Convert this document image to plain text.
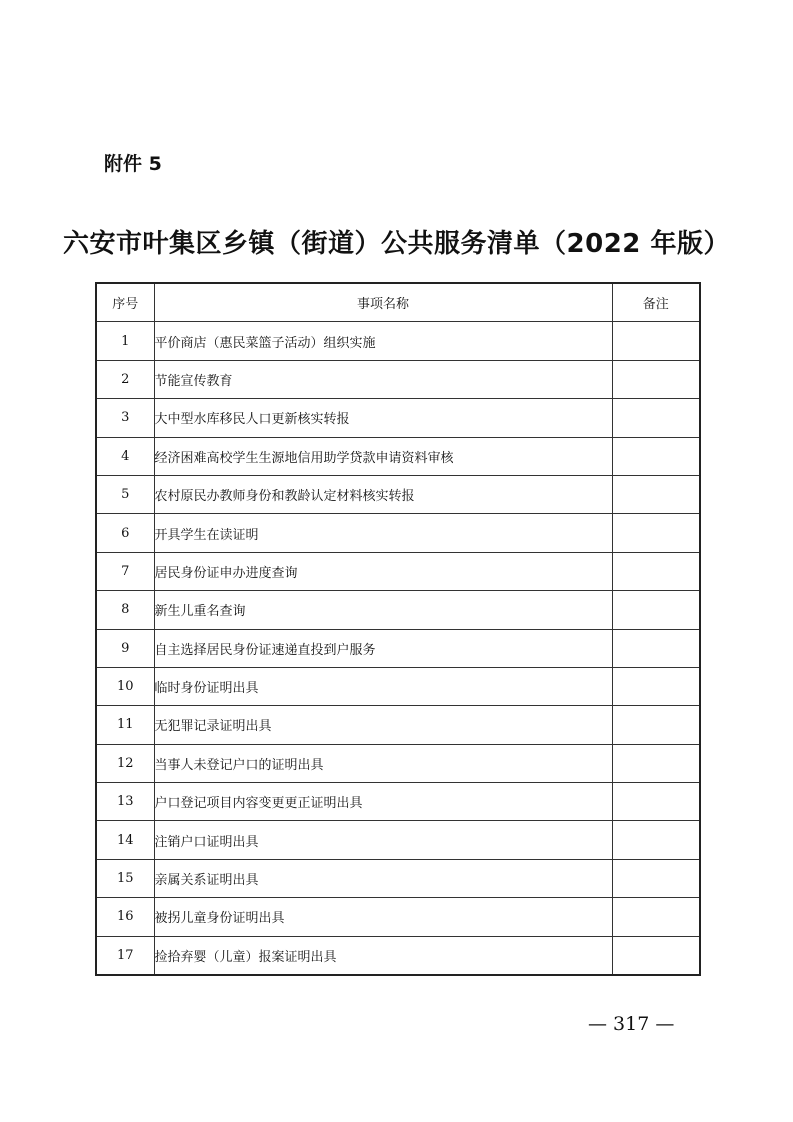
附件 5
六安市叶集区乡镇（街道）公共服务清单（2022 年版）
序号	事项名称	备注
1	平价商店（惠民菜篮子活动）组织实施	
2	节能宣传教育	
3	大中型水库移民人口更新核实转报	
4	经济困难高校学生生源地信用助学贷款申请资料审核	
5	农村原民办教师身份和教龄认定材料核实转报	
6	开具学生在读证明	
7	居民身份证申办进度查询	
8	新生儿重名查询	
9	自主选择居民身份证速递直投到户服务	
10	临时身份证明出具	
11	无犯罪记录证明出具	
12	当事人未登记户口的证明出具	
13	户口登记项目内容变更更正证明出具	
14	注销户口证明出具	
15	亲属关系证明出具	
16	被拐儿童身份证明出具	
17	捡拾弃婴（儿童）报案证明出具	
— 317 —
